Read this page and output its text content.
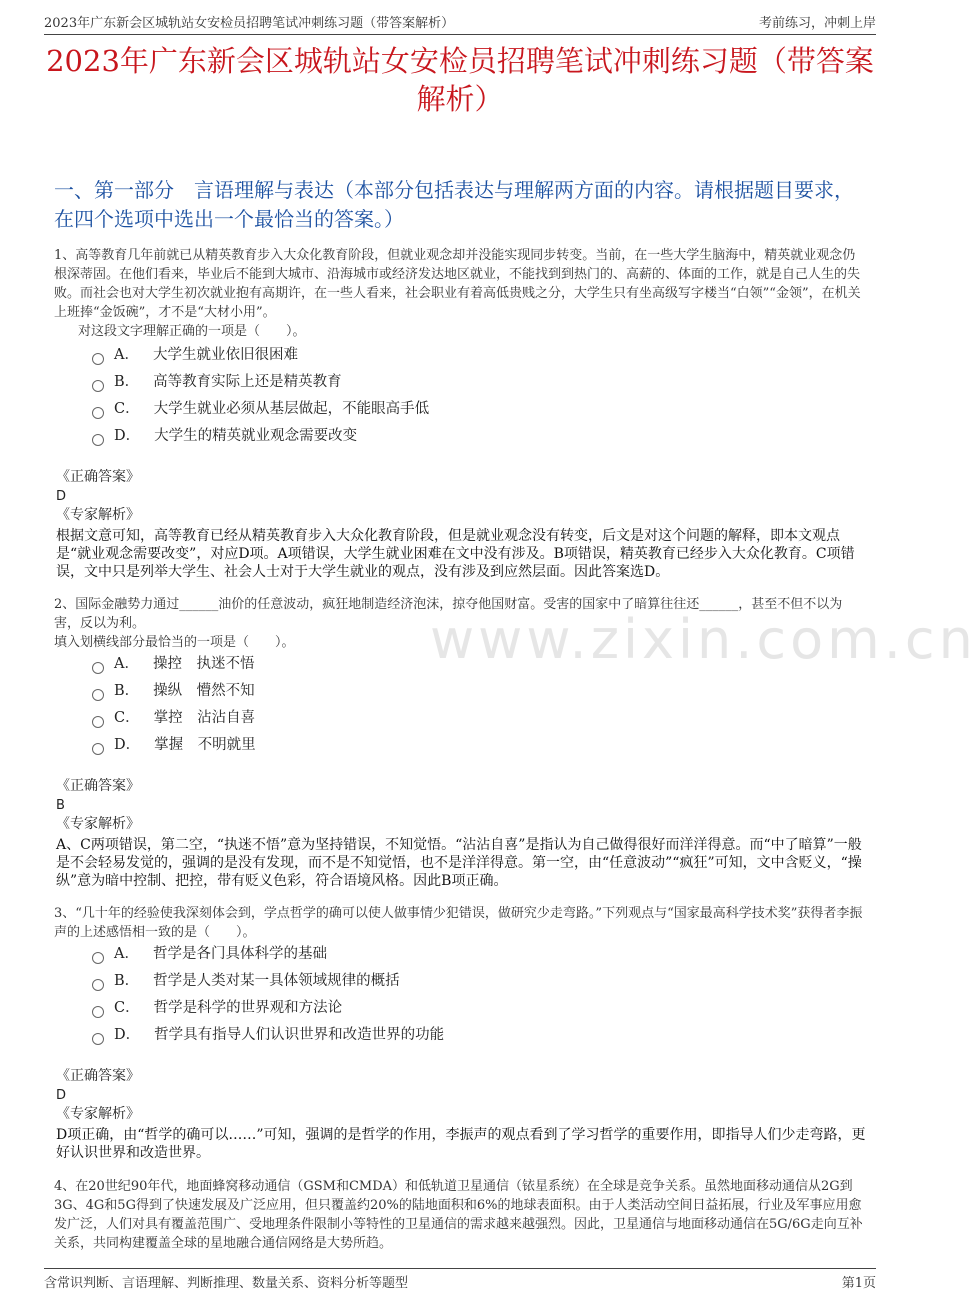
2023年广东新会区城轨站女安检员招聘笔试冲刺练习题（带答案解析）	考前练习，冲刺上岸
2023年广东新会区城轨站女安检员招聘笔试冲刺练习题（带答案解析）
一、第一部分　言语理解与表达（本部分包括表达与理解两方面的内容。请根据题目要求，在四个选项中选出一个最恰当的答案。）
www.zixin.com.cn
1、高等教育几年前就已从精英教育步入大众化教育阶段，但就业观念却并没能实现同步转变。当前，在一些大学生脑海中，精英就业观念仍根深蒂固。在他们看来，毕业后不能到大城市、沿海城市或经济发达地区就业，不能找到到热门的、高薪的、体面的工作，就是自己人生的失败。而社会也对大学生初次就业抱有高期许，在一些人看来，社会职业有着高低贵贱之分，大学生只有坐高级写字楼当“白领”“金领”，在机关上班捧“金饭碗”，才不是“大材小用”。
对这段文字理解正确的一项是（　　）。
A． 大学生就业依旧很困难
B． 高等教育实际上还是精英教育
C． 大学生就业必须从基层做起，不能眼高手低
D． 大学生的精英就业观念需要改变
《正确答案》
D
《专家解析》
根据文意可知，高等教育已经从精英教育步入大众化教育阶段，但是就业观念没有转变，后文是对这个问题的解释，即本文观点是“就业观念需要改变”，对应D项。A项错误，大学生就业困难在文中没有涉及。B项错误，精英教育已经步入大众化教育。C项错误，文中只是列举大学生、社会人士对于大学生就业的观点，没有涉及到应然层面。因此答案选D。
2、国际金融势力通过______油价的任意波动，疯狂地制造经济泡沫，掠夺他国财富。受害的国家中了暗算往往还______，甚至不但不以为害，反以为利。
填入划横线部分最恰当的一项是（　　）。
A． 操控　执迷不悟
B． 操纵　懵然不知
C． 掌控　沾沾自喜
D． 掌握　不明就里
《正确答案》
B
《专家解析》
A、C两项错误，第二空，“执迷不悟”意为坚持错误，不知觉悟。“沾沾自喜”是指认为自己做得很好而洋洋得意。而“中了暗算”一般是不会轻易发觉的，强调的是没有发现，而不是不知觉悟，也不是洋洋得意。第一空，由“任意波动”“疯狂”可知，文中含贬义，“操纵”意为暗中控制、把控，带有贬义色彩，符合语境风格。因此B项正确。
3、“几十年的经验使我深刻体会到，学点哲学的确可以使人做事情少犯错误，做研究少走弯路。”下列观点与“国家最高科学技术奖”获得者李振声的上述感悟相一致的是（　　）。
A． 哲学是各门具体科学的基础
B． 哲学是人类对某一具体领域规律的概括
C． 哲学是科学的世界观和方法论
D． 哲学具有指导人们认识世界和改造世界的功能
《正确答案》
D
《专家解析》
D项正确，由“哲学的确可以……”可知，强调的是哲学的作用，李振声的观点看到了学习哲学的重要作用，即指导人们少走弯路，更好认识世界和改造世界。
4、在20世纪90年代，地面蜂窝移动通信（GSM和CMDA）和低轨道卫星通信（铱星系统）在全球是竞争关系。虽然地面移动通信从2G到3G、4G和5G得到了快速发展及广泛应用，但只覆盖约20%的陆地面积和6%的地球表面积。由于人类活动空间日益拓展，行业及军事应用愈发广泛，人们对具有覆盖范围广、受地理条件限制小等特性的卫星通信的需求越来越强烈。因此，卫星通信与地面移动通信在5G/6G走向互补关系，共同构建覆盖全球的星地融合通信网络是大势所趋。
含常识判断、言语理解、判断推理、数量关系、资料分析等题型	第1页
